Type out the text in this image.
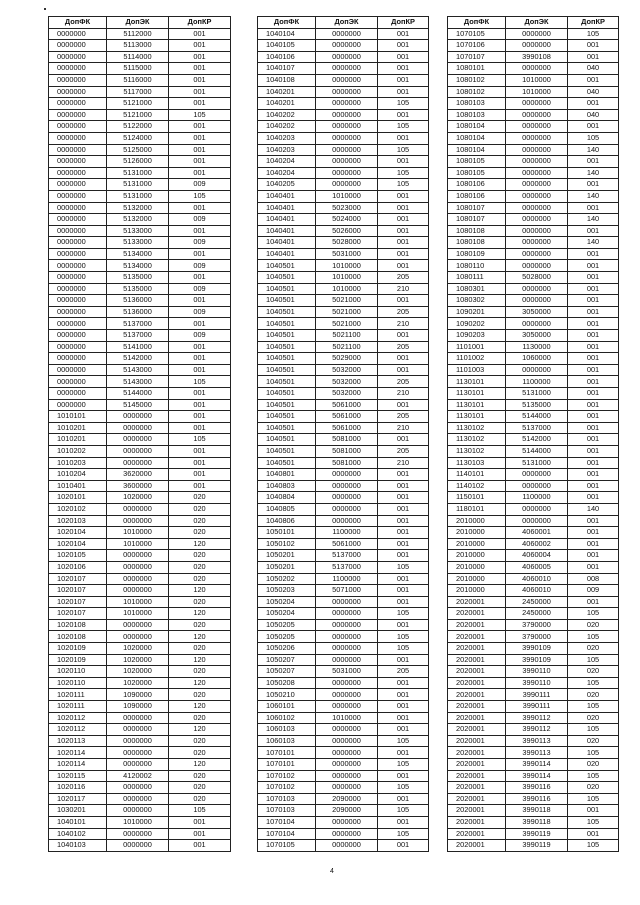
ДопФК	ДопЭК	ДопКР
0000000	5112000	001
0000000	5113000	001
0000000	5114000	001
0000000	5115000	001
0000000	5116000	001
0000000	5117000	001
0000000	5121000	001
0000000	5121000	105
0000000	5122000	001
0000000	5124000	001
0000000	5125000	001
0000000	5126000	001
0000000	5131000	001
0000000	5131000	009
0000000	5131000	105
0000000	5132000	001
0000000	5132000	009
0000000	5133000	001
0000000	5133000	009
0000000	5134000	001
0000000	5134000	009
0000000	5135000	001
0000000	5135000	009
0000000	5136000	001
0000000	5136000	009
0000000	5137000	001
0000000	5137000	009
0000000	5141000	001
0000000	5142000	001
0000000	5143000	001
0000000	5143000	105
0000000	5144000	001
0000000	5145000	001
1010101	0000000	001
1010201	0000000	001
1010201	0000000	105
1010202	0000000	001
1010203	0000000	001
1010204	3620000	001
1010401	3600000	001
1020101	1020000	020
1020102	0000000	020
1020103	0000000	020
1020104	1010000	020
1020104	1010000	120
1020105	0000000	020
1020106	0000000	020
1020107	0000000	020
1020107	0000000	120
1020107	1010000	020
1020107	1010000	120
1020108	0000000	020
1020108	0000000	120
1020109	1020000	020
1020109	1020000	120
1020110	1020000	020
1020110	1020000	120
1020111	1090000	020
1020111	1090000	120
1020112	0000000	020
1020112	0000000	120
1020113	0000000	020
1020114	0000000	020
1020114	0000000	120
1020115	4120002	020
1020116	0000000	020
1020117	0000000	020
1030201	0000000	105
1040101	1010000	001
1040102	0000000	001
1040103	0000000	001
ДопФК	ДопЭК	ДопКР
1040104	0000000	001
1040105	0000000	001
1040106	0000000	001
1040107	0000000	001
1040108	0000000	001
1040201	0000000	001
1040201	0000000	105
1040202	0000000	001
1040202	0000000	105
1040203	0000000	001
1040203	0000000	105
1040204	0000000	001
1040204	0000000	105
1040205	0000000	105
1040401	1010000	001
1040401	5023000	001
1040401	5024000	001
1040401	5026000	001
1040401	5028000	001
1040401	5031000	001
1040501	1010000	001
1040501	1010000	205
1040501	1010000	210
1040501	5021000	001
1040501	5021000	205
1040501	5021000	210
1040501	5021100	001
1040501	5021100	205
1040501	5029000	001
1040501	5032000	001
1040501	5032000	205
1040501	5032000	210
1040501	5061000	001
1040501	5061000	205
1040501	5061000	210
1040501	5081000	001
1040501	5081000	205
1040501	5081000	210
1040801	0000000	001
1040803	0000000	001
1040804	0000000	001
1040805	0000000	001
1040806	0000000	001
1050101	1100000	001
1050102	5061000	001
1050201	5137000	001
1050201	5137000	105
1050202	1100000	001
1050203	5071000	001
1050204	0000000	001
1050204	0000000	105
1050205	0000000	001
1050205	0000000	105
1050206	0000000	105
1050207	0000000	001
1050207	5031000	205
1050208	0000000	001
1050210	0000000	001
1060101	0000000	001
1060102	1010000	001
1060103	0000000	001
1060103	0000000	105
1070101	0000000	001
1070101	0000000	105
1070102	0000000	001
1070102	0000000	105
1070103	2090000	001
1070103	2090000	105
1070104	0000000	001
1070104	0000000	105
1070105	0000000	001
ДопФК	ДопЭК	ДопКР
1070105	0000000	105
1070106	0000000	001
1070107	3990108	001
1080101	0000000	040
1080102	1010000	001
1080102	1010000	040
1080103	0000000	001
1080103	0000000	040
1080104	0000000	001
1080104	0000000	105
1080104	0000000	140
1080105	0000000	001
1080105	0000000	140
1080106	0000000	001
1080106	0000000	140
1080107	0000000	001
1080107	0000000	140
1080108	0000000	001
1080108	0000000	140
1080109	0000000	001
1080110	0000000	001
1080111	5028000	001
1080301	0000000	001
1080302	0000000	001
1090201	3050000	001
1090202	0000000	001
1090203	3050000	001
1101001	1130000	001
1101002	1060000	001
1101003	0000000	001
1130101	1100000	001
1130101	5131000	001
1130101	5135000	001
1130101	5144000	001
1130102	5137000	001
1130102	5142000	001
1130102	5144000	001
1130103	5131000	001
1140101	0000000	001
1140102	0000000	001
1150101	1100000	001
1180101	0000000	140
2010000	0000000	001
2010000	4060001	001
2010000	4060002	001
2010000	4060004	001
2010000	4060005	001
2010000	4060010	008
2010000	4060010	009
2020001	2450000	001
2020001	2450000	105
2020001	3790000	020
2020001	3790000	105
2020001	3990109	020
2020001	3990109	105
2020001	3990110	020
2020001	3990110	105
2020001	3990111	020
2020001	3990111	105
2020001	3990112	020
2020001	3990112	105
2020001	3990113	020
2020001	3990113	105
2020001	3990114	020
2020001	3990114	105
2020001	3990116	020
2020001	3990116	105
2020001	3990118	001
2020001	3990118	105
2020001	3990119	001
2020001	3990119	105
4
